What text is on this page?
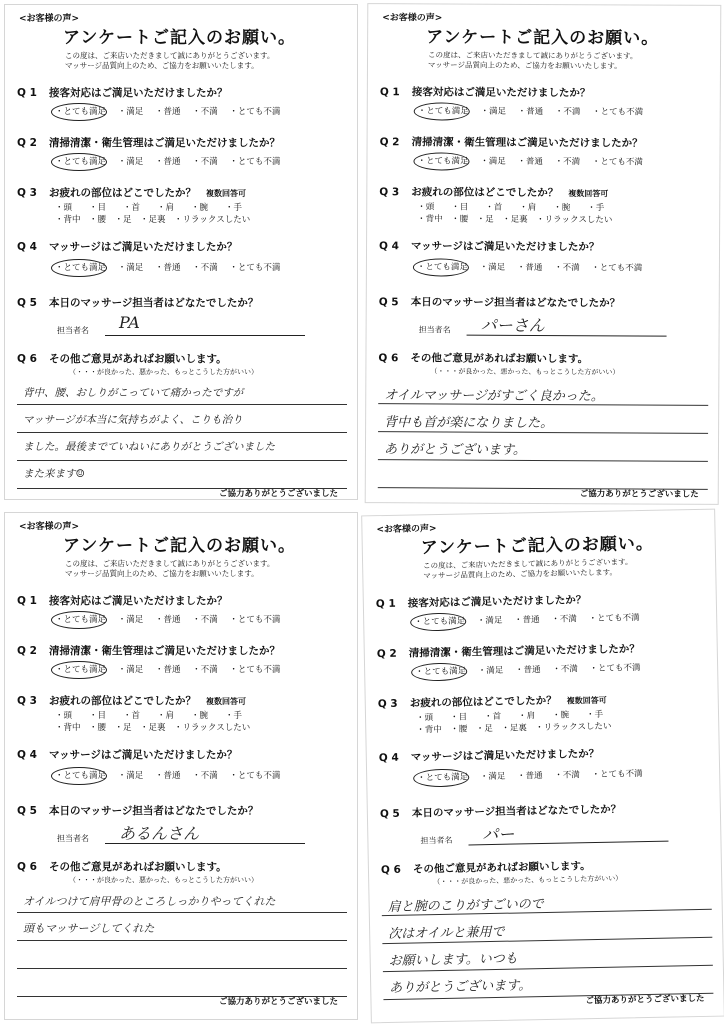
<お客様の声>
アンケートご記入のお願い。
この度は、ご来店いただきまして誠にありがとうございます。
マッサージ品質向上のため、ご協力をお願いいたします。
Q 1 接客対応はご満足いただけましたか？
・とても満足 ・満足 ・普通 ・不満 ・とても不満
Q 2 清掃清潔・衛生管理はご満足いただけましたか？
・とても満足 ・満足 ・普通 ・不満 ・とても不満
Q 3 お疲れの部位はどこでしたか？ 複数回答可
・頭　　・目　　・首　　・肩　　・腕　　・手
・背中　・腰　・足　・足裏　・リラックスしたい
Q 4 マッサージはご満足いただけましたか？
・とても満足 ・満足 ・普通 ・不満 ・とても不満
Q 5 本日のマッサージ担当者はどなたでしたか？
担当者名 PA
Q 6 その他ご意見があればお願いします。
（・・・が良かった、悪かった、もっとこうした方がいい）
背中、腰、おしりがこっていて痛かったですが
マッサージが本当に気持ちがよく、こりも治り
ました。最後までていねいにありがとうございました
また来ます☺
ご協力ありがとうございました
<お客様の声>
アンケートご記入のお願い。
この度は、ご来店いただきまして誠にありがとうございます。
マッサージ品質向上のため、ご協力をお願いいたします。
Q 1 接客対応はご満足いただけましたか？
・とても満足 ・満足 ・普通 ・不満 ・とても不満
Q 2 清掃清潔・衛生管理はご満足いただけましたか？
・とても満足 ・満足 ・普通 ・不満 ・とても不満
Q 3 お疲れの部位はどこでしたか？ 複数回答可
・頭　　・目　　・首　　・肩　　・腕　　・手
・背中　・腰　・足　・足裏　・リラックスしたい
Q 4 マッサージはご満足いただけましたか？
・とても満足 ・満足 ・普通 ・不満 ・とても不満
Q 5 本日のマッサージ担当者はどなたでしたか？
担当者名 パーさん
Q 6 その他ご意見があればお願いします。
（・・・が良かった、悪かった、もっとこうした方がいい）
オイルマッサージがすごく良かった。
背中も首が楽になりました。
ありがとうございます。
ご協力ありがとうございました
<お客様の声>
アンケートご記入のお願い。
この度は、ご来店いただきまして誠にありがとうございます。
マッサージ品質向上のため、ご協力をお願いいたします。
Q 1 接客対応はご満足いただけましたか？
・とても満足 ・満足 ・普通 ・不満 ・とても不満
Q 2 清掃清潔・衛生管理はご満足いただけましたか？
・とても満足 ・満足 ・普通 ・不満 ・とても不満
Q 3 お疲れの部位はどこでしたか？ 複数回答可
・頭　　・目　　・首　　・肩　　・腕　　・手
・背中　・腰　・足　・足裏　・リラックスしたい
Q 4 マッサージはご満足いただけましたか？
・とても満足 ・満足 ・普通 ・不満 ・とても不満
Q 5 本日のマッサージ担当者はどなたでしたか？
担当者名 あるんさん
Q 6 その他ご意見があればお願いします。
（・・・が良かった、悪かった、もっとこうした方がいい）
オイルつけて肩甲骨のところしっかりやってくれた
頭もマッサージしてくれた
ご協力ありがとうございました
<お客様の声>
アンケートご記入のお願い。
この度は、ご来店いただきまして誠にありがとうございます。
マッサージ品質向上のため、ご協力をお願いいたします。
Q 1 接客対応はご満足いただけましたか？
・とても満足 ・満足 ・普通 ・不満 ・とても不満
Q 2 清掃清潔・衛生管理はご満足いただけましたか？
・とても満足 ・満足 ・普通 ・不満 ・とても不満
Q 3 お疲れの部位はどこでしたか？ 複数回答可
・頭　　・目　　・首　　・肩　　・腕　　・手
・背中　・腰　・足　・足裏　・リラックスしたい
Q 4 マッサージはご満足いただけましたか？
・とても満足 ・満足 ・普通 ・不満 ・とても不満
Q 5 本日のマッサージ担当者はどなたでしたか？
担当者名 パー
Q 6 その他ご意見があればお願いします。
（・・・が良かった、悪かった、もっとこうした方がいい）
肩と腕のこりがすごいので
次はオイルと兼用で
お願いします。いつも
ありがとうございます。
ご協力ありがとうございました
